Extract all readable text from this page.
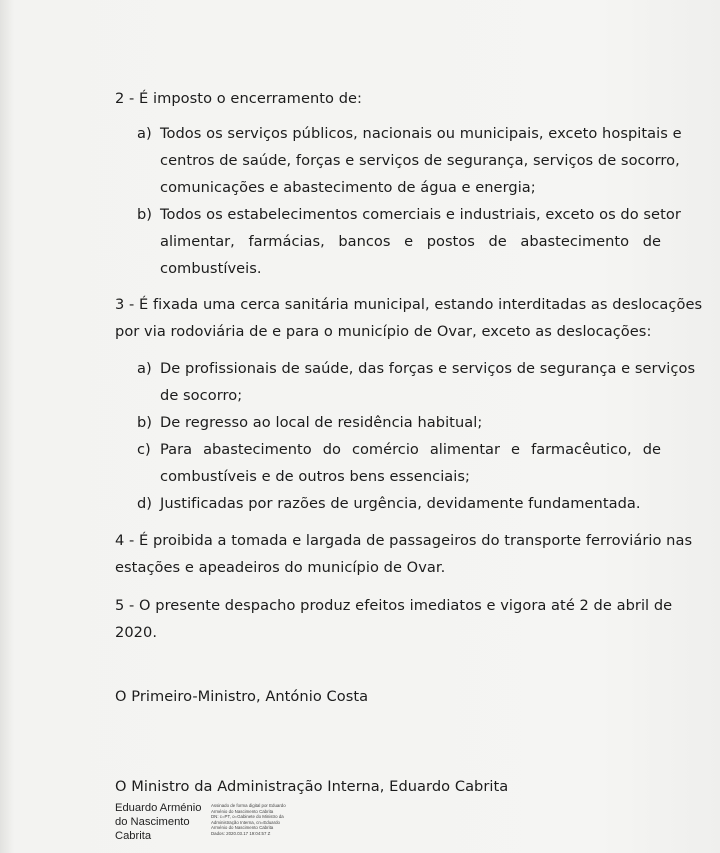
2 - É imposto o encerramento de:
a) Todos os serviços públicos, nacionais ou municipais, exceto hospitais e
centros de saúde, forças e serviços de segurança, serviços de socorro,
comunicações e abastecimento de água e energia;
b) Todos os estabelecimentos comerciais e industriais, exceto os do setor
alimentar, farmácias, bancos e postos de abastecimento de
combustíveis.
3 - É fixada uma cerca sanitária municipal, estando interditadas as deslocações
por via rodoviária de e para o município de Ovar, exceto as deslocações:
a) De profissionais de saúde, das forças e serviços de segurança e serviços
de socorro;
b) De regresso ao local de residência habitual;
c) Para abastecimento do comércio alimentar e farmacêutico, de
combustíveis e de outros bens essenciais;
d) Justificadas por razões de urgência, devidamente fundamentada.
4 - É proibida a tomada e largada de passageiros do transporte ferroviário nas
estações e apeadeiros do município de Ovar.
5 - O presente despacho produz efeitos imediatos e vigora até 2 de abril de
2020.
O Primeiro-Ministro, António Costa
O Ministro da Administração Interna, Eduardo Cabrita
Eduardo Arménio
do Nascimento
Cabrita
Assinado de forma digital por Eduardo
Arménio do Nascimento Cabrita
DN: c=PT, o=Gabinete do Ministro da
Administração Interna, cn=Eduardo
Arménio do Nascimento Cabrita
Dados: 2020.03.17 19:04:57 Z
